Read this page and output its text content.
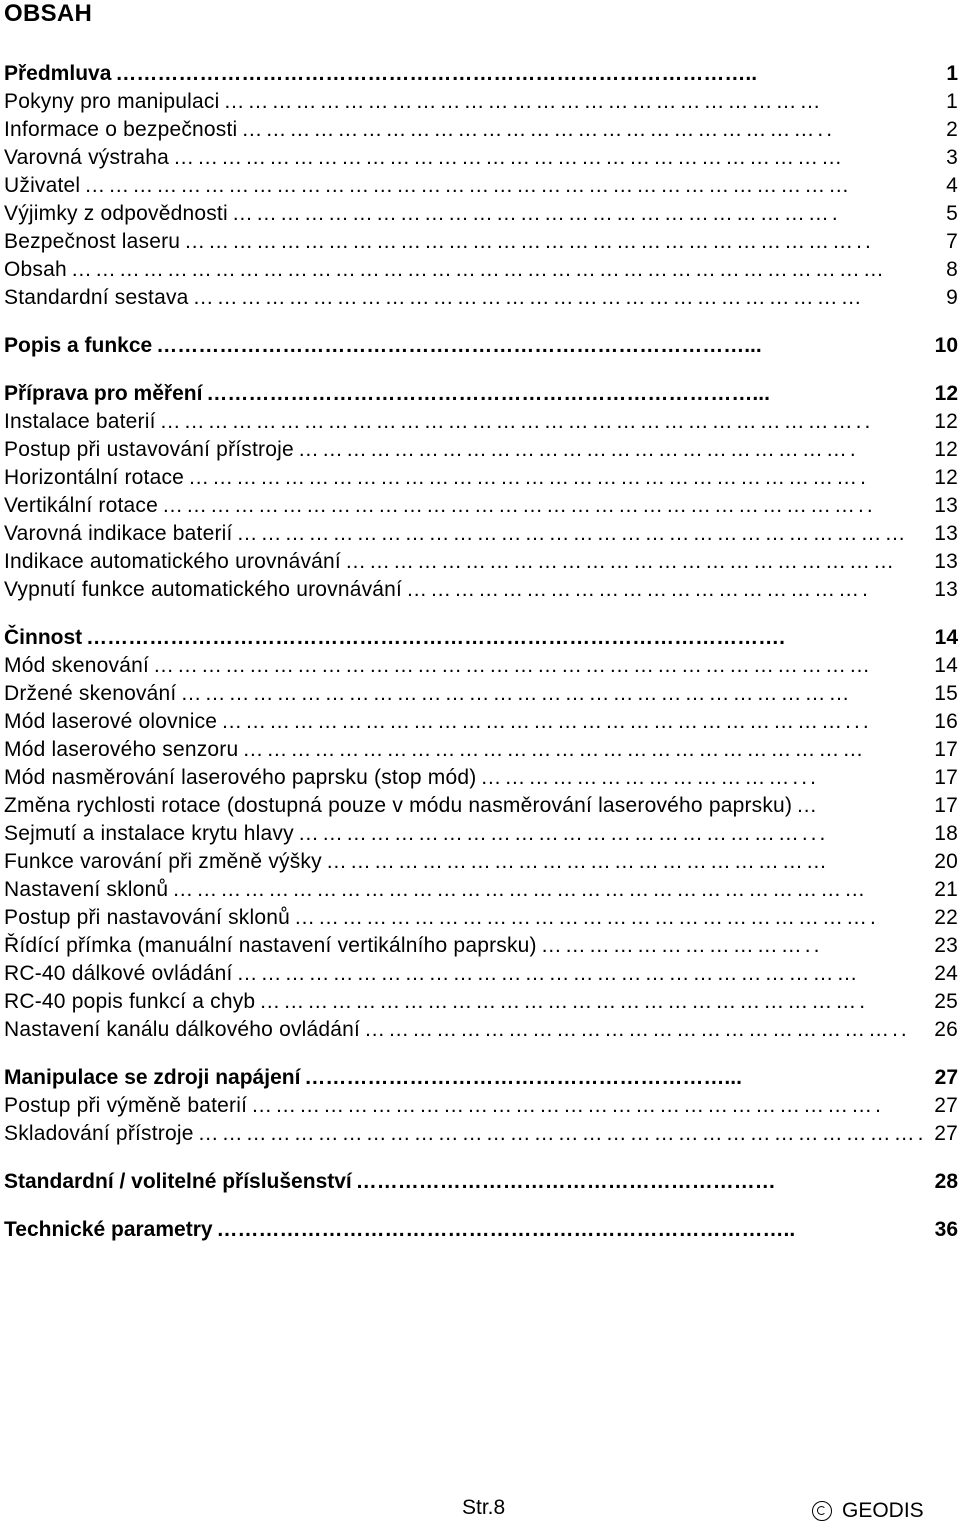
OBSAH
Předmluva ………………………………………………………………………………..	1
Pokyny pro manipulaci …………………………………………………………………	1
Informace o bezpečnosti ………………………………………………………………..	2
Varovná výstraha …………………………………………………………………………	3
Uživatel ……………………………………………………………………………………	4
Výjimky z odpovědnosti ………………………………………………………………….	5
Bezpečnost laseru …………………………………………………………………………..	7
Obsah …………………………………………………………………………………………	8
Standardní sestava …………………………………………………………………………	9
Popis a funkce …………………………………………………………………………...	10
Příprava pro měření ……………………………………………………………………...	12
Instalace baterií ……………………………………………………………………………..	12
Postup při ustavování přístroje …………………………………………………………….	12
Horizontální rotace ………………………………………………………………………….	12
Vertikální rotace ……………………………………………………………………………..	13
Varovná indikace baterií …………………………………………………………………………	13
Indikace automatického urovnávání ……………………………………………………………	13
Vypnutí funkce automatického urovnávání ………………………………………………….	13
Činnost ……………………………………………………………………………………….	14
Mód skenování ………………………………………………………………………………	14
Držené skenování …………………………………………………………………………	15
Mód laserové olovnice ……………………………………………………………………...	16
Mód laserového senzoru ……………………………………………………………………	17
Mód nasměrování laserového paprsku (stop mód) …………………………………...	17
Změna rychlosti rotace (dostupná pouze v módu nasměrování laserového paprsku) …	17
Sejmutí a instalace krytu hlavy ………………………………………………………...	18
Funkce varování při změně výšky ………………………………………………………	20
Nastavení sklonů ……………………………………………………………………………	21
Postup při nastavování sklonů ……………………………………………………………….	22
Řídící přímka (manuální nastavení vertikálního paprsku) ……………………………..	23
RC-40 dálkové ovládání ……………………………………………………………………	24
RC-40 popis funkcí a chyb ………………………………………………………………….	25
Nastavení kanálu dálkového ovládání …………………………………………………………..	26
Manipulace se zdroji napájení ……………………………………………………...	27
Postup při výměně baterií …………………………………………………………………….	27
Skladování přístroje ………………………………………………………………………………. 27
Standardní / volitelné příslušenství ……………………………………………………	28
Technické parametry ………………………………………………………………………..	36
Str.8	GEODIS
